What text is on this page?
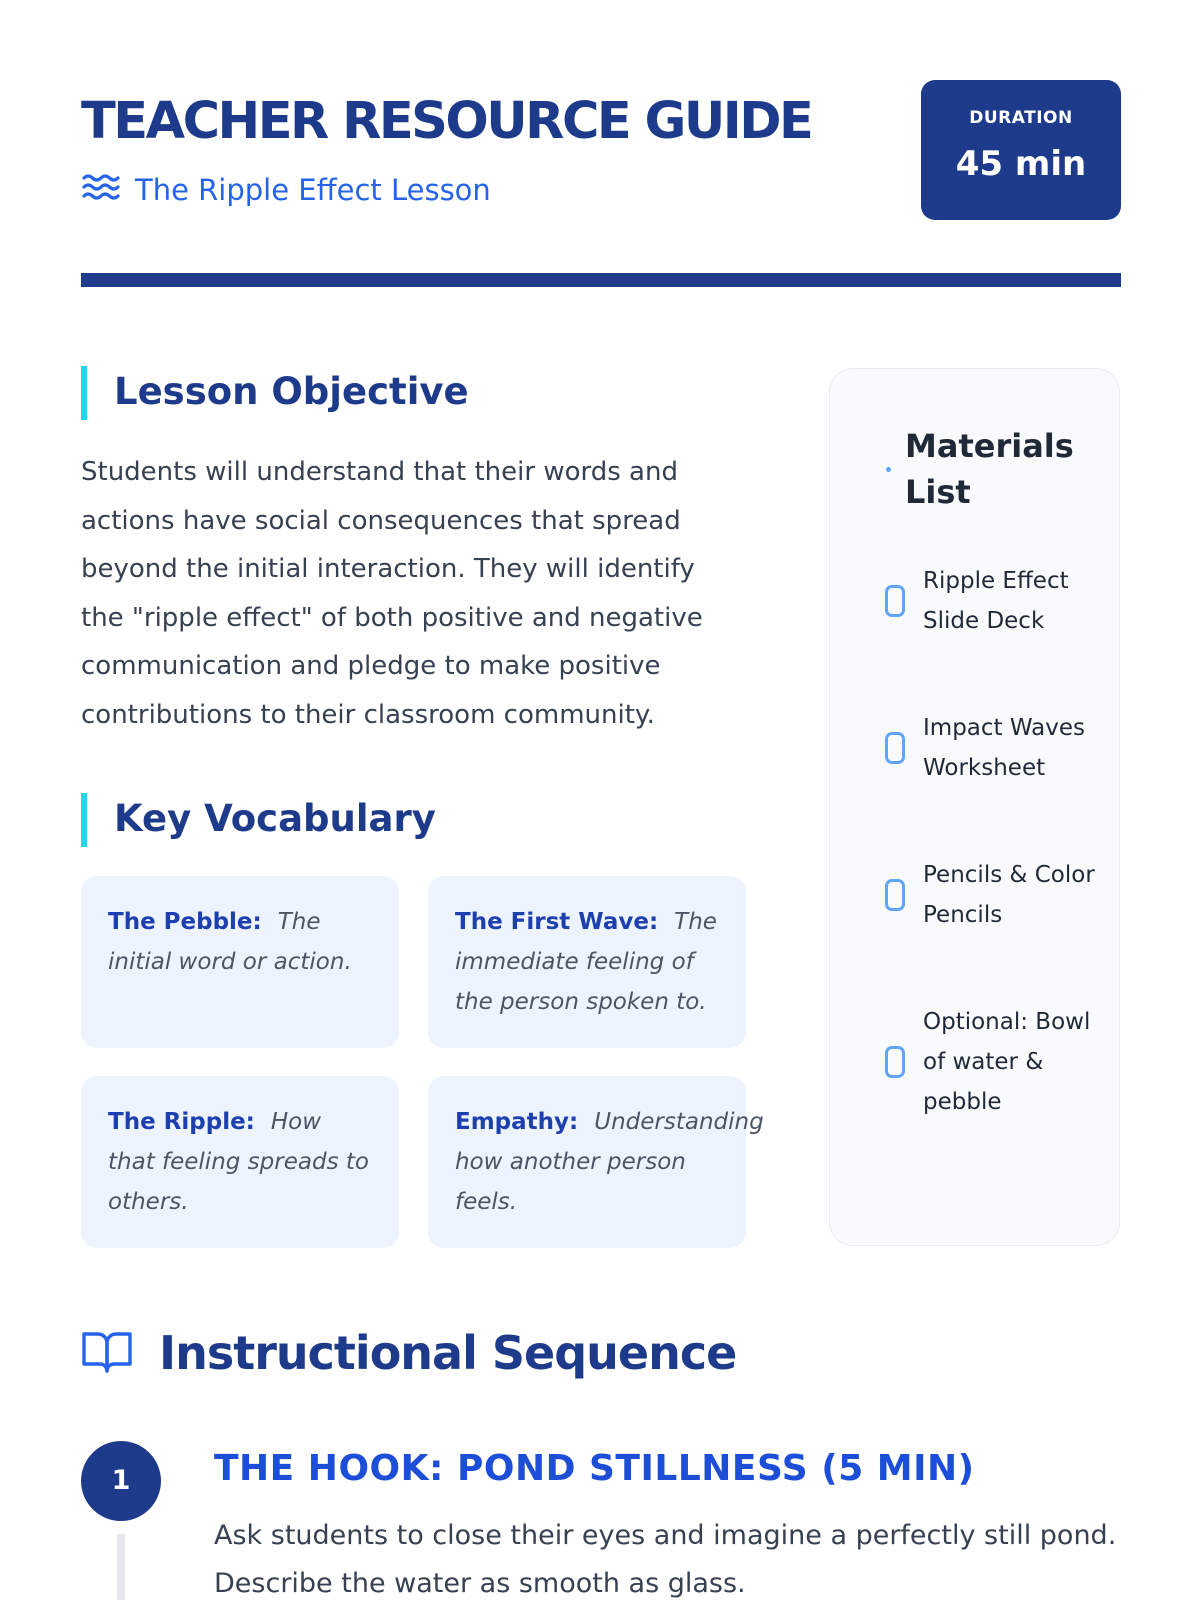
TEACHER RESOURCE GUIDE
The Ripple Effect Lesson
DURATION
45 min
Lesson Objective

Students will understand that their words and actions have social consequences that spread beyond the initial interaction. They will identify the "ripple effect" of both positive and negative communication and pledge to make positive contributions to their classroom community.

Key Vocabulary
The Pebble: The initial word or action.
The First Wave: The immediate feeling of the person spoken to.
The Ripple: How that feeling spreads to others.
Empathy: Understanding how another person feels.
Materials List
Ripple Effect Slide Deck
Impact Waves Worksheet
Pencils & Color Pencils
Optional: Bowl of water & pebble
Instructional Sequence
1	THE HOOK: POND STILLNESS (5 MIN)

Ask students to close their eyes and imagine a perfectly still pond. Describe the water as smooth as glass.
